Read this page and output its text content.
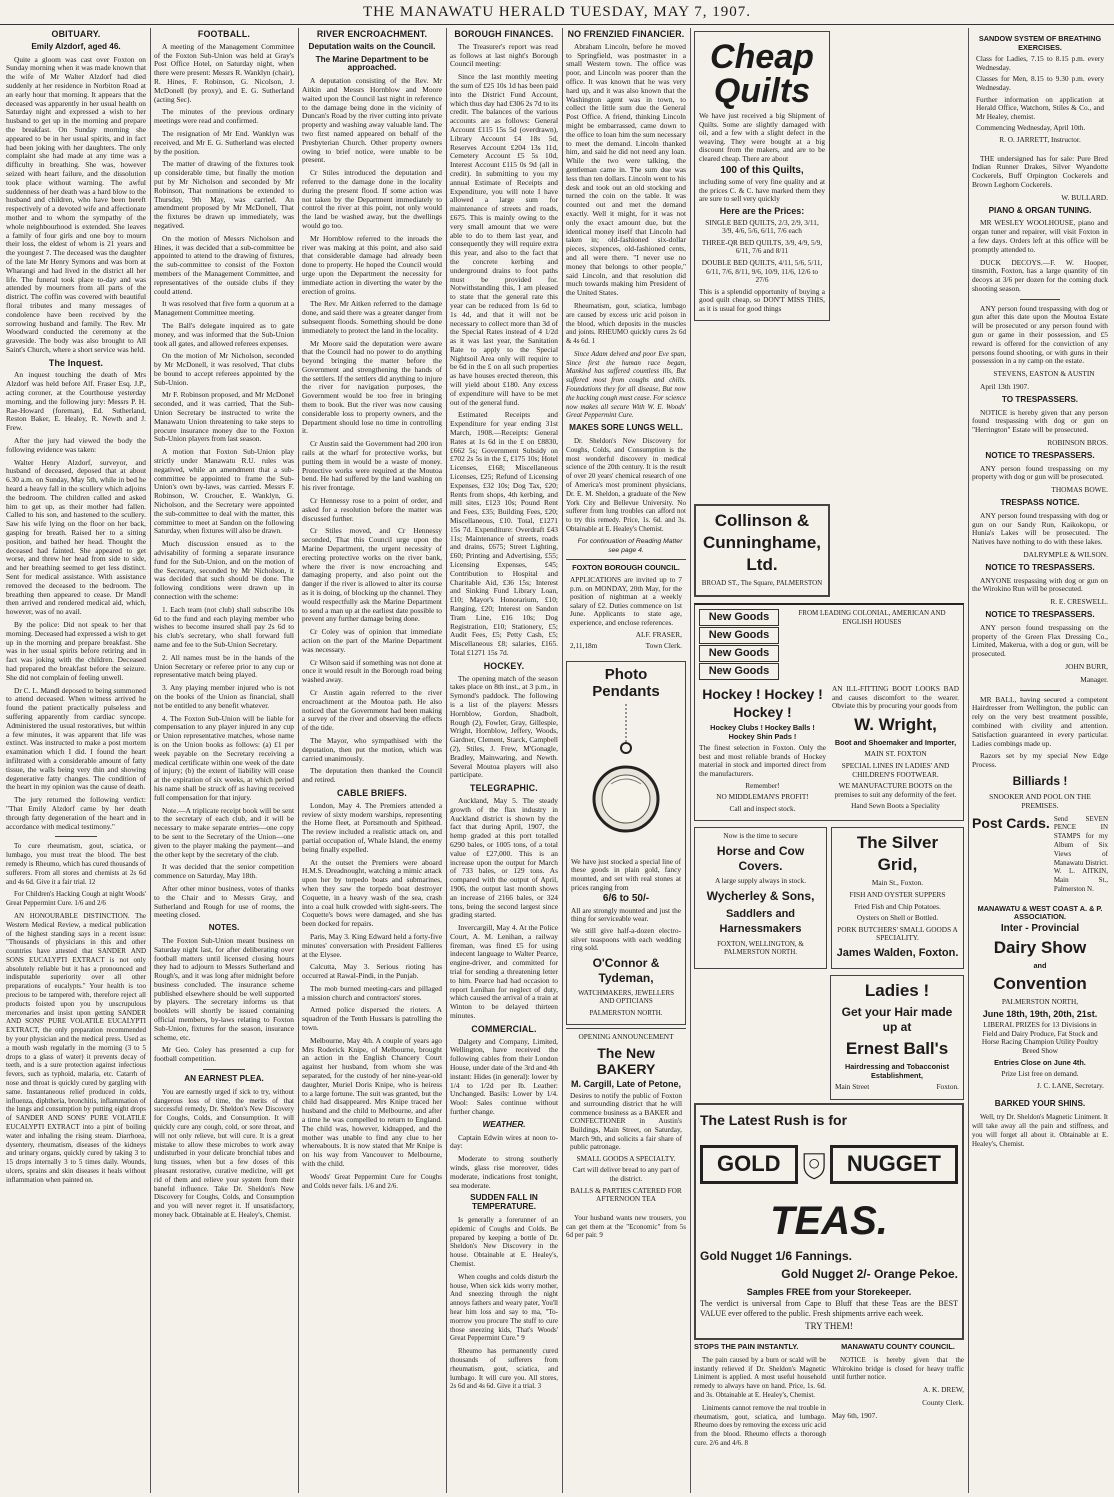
THE MANAWATU HERALD TUESDAY, MAY 7, 1907.
OBITUARY.
Emily Alzdorf, aged 46.

Quite a gloom was cast over Foxton on Sunday morning when it was made known that the wife of Mr Walter Alzdorf had died suddenly at her residence in Norbiton Road at an early hour that morning. It appears that the deceased was apparently in her usual health on Saturday night and expressed a wish to her husband to get up in the morning and prepare the breakfast. On Sunday morning she appeared to be in her usual spirits, and in fact had been joking with her daughters. The only complaint she had made at any time was a difficulty in breathing. She was, however seized with heart failure, and the dissolution took place without warning. The awful suddenness of her death was a hard blow to the husband and children, who have been bereft respectively of a devoted wife and affectionate mother and to whom the sympathy of the whole neighbourhood is extended. She leaves a family of four girls and one boy to mourn their loss, the eldest of whom is 21 years and the youngest 7. The deceased was the daughter of the late Mr Henry Symons and was born at Wharangi and had lived in the district all her life. The funeral took place to-day and was attended by mourners from all parts of the district. The coffin was covered with beautiful floral tributes and many messages of condolence have been received by the sorrowing husband and family. The Rev. Mr Woodward conducted the ceremony at the graveside. The body was also brought to All Saint's Church, where a short service was held.

The Inquest.

An inquest touching the death of Mrs Alzdorf was held before Alf. Fraser Esq. J.P., acting coroner, at the Courthouse yesterday morning, and the following jury: Messrs P. H. Rae-Howard (foreman), Ed. Sutherland, Reston Baker, E. Healey, R. Newth and J. Frew.

After the jury had viewed the body the following evidence was taken:

Walter Henry Alzdorf, surveyor, and husband of deceased, deposed that at about 6.30 a.m. on Sunday, May 5th, while in bed he heard a heavy fall in the scullery which adjoins the bedroom. The children called and asked him to get up, as their mother had fallen. Called to his son, and hastened to the scullery. Saw his wife lying on the floor on her back, gasping for breath. Raised her to a sitting position, and bathed her head. Thought the deceased had fainted. She appeared to get worse, and threw her head from side to side, and her breathing seemed to get less distinct. Sent for medical assistance. With assistance removed the deceased to the bedroom. The breathing then appeared to cease. Dr Mandl then arrived and rendered medical aid, which, however, was of no avail.

By the police: Did not speak to her that morning. Deceased had expressed a wish to get up in the morning and prepare breakfast. She was in her usual spirits before retiring and in fact was joking with the children. Deceased had prepared the breakfast before the seizure. She did not complain of feeling unwell.

Dr C. L. Mandl deposed to being summoned to attend deceased. When witness arrived he found the patient practically pulseless and suffering apparently from cardiac syncope. Administered the usual restoratives, but within a few minutes, it was apparent that life was extinct. Was instructed to make a post mortem examination which I did. I found the heart infiltrated with a considerable amount of fatty tissue, the walls being very thin and showing degenerative fatty changes. The condition of the heart in my opinion was the cause of death.

The jury returned the following verdict: "That Emily Alzdorf came by her death through fatty degeneration of the heart and in accordance with medical testimony."

To cure rheumatism, gout, sciatica, or lumbago, you must treat the blood. The best remedy is Rheumo, which has cured thousands of sufferers. From all stores and chemists at 2s 6d and 4s 6d. Give it a fair trial. 12

For Children's Hacking Cough at night Woods' Great Peppermint Cure. 1/6 and 2/6

AN HONOURABLE DISTINCTION. The Western Medical Review, a medical publication of the highest standing says in a recent issue: "Thousands of physicians in this and other countries have attested that SANDER AND SONS EUCALYPTI EXTRACT is not only absolutely reliable but it has a pronounced and indisputable superiority over all other preparations of eucalypts." Your health is too precious to be tampered with, therefore reject all products foisted upon you by unscrupulous mercenaries and insist upon getting SANDER AND SONS' PURE VOLATILE EUCALYPTI EXTRACT, the only preparation recommended by your physician and the medical press. Used as a mouth wash regularly in the morning (3 to 5 drops to a glass of water) it prevents decay of teeth, and is a sure protection against infectious fevers, such as typhoid, malaria, etc. Catarrh of nose and throat is quickly cured by gargling with same. Instantaneous relief produced in colds, influenza, diphtheria, bronchitis, inflammation of the lungs and consumption by putting eight drops of SANDER AND SONS' PURE VOLATILE EUCALYPTI EXTRACT into a pint of boiling water and inhaling the rising steam. Diarrhoea, dysentery, rheumatism, diseases of the kidneys and urinary organs, quickly cured by taking 3 to 15 drops internally 3 to 5 times daily. Wounds, ulcers, sprains and skin diseases it heals without inflammation when painted on.

FOOTBALL.

A meeting of the Management Committee of the Foxton Sub-Union was held at Gray's Post Office Hotel, on Saturday night, when there were present: Messrs R. Wanklyn (chair), R. Hines, F. Robinson, G. Nicolson, J. McDonell (by proxy), and E. G. Sutherland (acting Sec).

The minutes of the previous ordinary meetings were read and confirmed.

The resignation of Mr End. Wanklyn was received, and Mr E. G. Sutherland was elected by the position.

The matter of drawing of the fixtures took up considerable time, but finally the motion put by Mr Nicholson and seconded by Mr Robinson, That nominations be extended to Thursday, 9th May, was carried. An amendment proposed by Mr McDonell, That the fixtures be drawn up immediately, was negatived.

On the motion of Messrs Nicholson and Hines, it was decided that a sub-committee be appointed to attend to the drawing of fixtures, the sub-committee to consist of the Foxton members of the Management Committee, and representatives of the outside clubs if they could attend.

It was resolved that five form a quorum at a Management Committee meeting.

The Ball's delegate inquired as to gate money, and was informed that the Sub-Union took all gates, and allowed referees expenses.

On the motion of Mr Nicholson, seconded by Mr McDonell, it was resolved, That clubs be bound to accept referees appointed by the Sub-Union.

Mr F. Robinson proposed, and Mr McDonel seconded, and it was carried, That the Sub-Union Secretary be instructed to write the Manawatu Union threatening to take steps to procure insurance money due to the Foxton Sub-Union players from last season.

A motion that Foxton Sub-Union play strictly under Manawatu R.U. rules was negatived, while an amendment that a sub-committee be appointed to frame the Sub-Union's own by-laws, was carried. Messrs F. Robinson, W. Croucher, E. Wanklyn, G. Nicholson, and the Secretary were appointed the sub-committee to deal with the matter, this committee to meet at Sandon on the following Saturday, when fixtures will also be drawn.

Much discussion ensued as to the advisability of forming a separate insurance fund for the Sub-Union, and on the motion of the Secretary, seconded by Mr Nicholson, it was decided that such should be done. The following conditions were drawn up in connection with the scheme:

1. Each team (not club) shall subscribe 10s 6d to the fund and each playing member who wishes to become insured shall pay 2s 6d to his club's secretary, who shall forward full name and fee to the Sub-Union Secretary.

2. All names must be in the hands of the Union Secretary or referee prior to any cup or representative match being played.

3. Any playing member injured who is not on the books of the Union as financial, shall not be entitled to any benefit whatever.

4. The Foxton Sub-Union will be liable for compensation to any player injured in any cup or Union representative matches, whose name is on the Union books as follows: (a) £1 per week payable on the Secretary receiving a medical certificate within one week of the date of injury; (b) the extent of liability will cease at the expiration of six weeks, at which period his name shall be struck off as having received full compensation for that injury.

Note.—A triplicate receipt book will be sent to the secretary of each club, and it will be necessary to make separate entries—one copy to be sent to the Secretary of the Union—one given to the player making the payment—and the other kept by the secretary of the club.

It was decided that the senior competition commence on Saturday, May 18th.

After other minor business, votes of thanks to the Chair and to Messrs Gray, and Sutherland and Rough for use of rooms, the meeting closed.

NOTES.

The Foxton Sub-Union meant business on Saturday night last, for after deliberating over football matters until licensed closing hours they had to adjourn to Messrs Sutherland and Rough's, and it was long after midnight before business concluded. The insurance scheme published elsewhere should be well supported by players. The secretary informs us that booklets will shortly be issued containing official members, by-laws relating to Foxton Sub-Union, fixtures for the season, insurance scheme, etc.

Mr Geo. Coley has presented a cup for football competition.

AN EARNEST PLEA.

You are earnestly urged if sick to try, without dangerous loss of time, the merits of that successful remedy, Dr. Sheldon's New Discovery for Coughs, Colds, and Consumption. It will quickly cure any cough, cold, or sore throat, and will not only relieve, but will cure. It is a great mistake to allow these microbes to work away undisturbed in your delicate bronchial tubes and lung tissues, when but a few doses of this pleasant restorative, curative medicine, will get rid of them and relieve your system from their baneful influence. Take Dr. Sheldon's New Discovery for Coughs, Colds, and Consumption and you will never regret it. If unsatisfactory, money back. Obtainable at E. Healey's, Chemist.

RIVER ENCROACHMENT.
Deputation waits on the Council.
The Marine Department to be approached.

A deputation consisting of the Rev. Mr Aitkin and Messrs Hornblow and Moore waited upon the Council last night in reference to the damage being done in the vicinity of Duncan's Road by the river cutting into private property and washing away valuable land. The two first named appeared on behalf of the Presbyterian Church. Other property owners owing to brief notice, were unable to be present.

Cr Stiles introduced the deputation and referred to the damage done in the locality during the present flood. If some action was not taken by the Department immediately to control the river at this point, not only would the land be washed away, but the dwellings would go too.

Mr Hornblow referred to the inroads the river was making at this point, and also said that considerable damage had already been done to property. He hoped the Council would urge upon the Department the necessity for immediate action in diverting the water by the erection of groins.

The Rev. Mr Aitken referred to the damage done, and said there was a greater danger from subsequent floods. Something should be done immediately to protect the land in the locality.

Mr Moore said the deputation were aware that the Council had no power to do anything beyond bringing the matter before the Government and strengthening the hands of the settlers. If the settlers did anything to injure the river for navigation purposes, the Government would be too free in bringing them to book. But the river was now causing considerable loss to property owners, and the Department should lose no time in controlling it.

Cr Austin said the Government had 200 iron rails at the wharf for protective works, but putting them in would be a waste of money. Protective works were required at the Moutoa bend. He had suffered by the land washing on his river frontage.

Cr Hennessy rose to a point of order, and asked for a resolution before the matter was discussed further.

Cr Stiles moved, and Cr Hennessy seconded, That this Council urge upon the Marine Department, the urgent necessity of erecting protective works on the river bank, where the river is now encroaching and damaging property, and also point out the danger if the river is allowed to alter its course as it is doing, of blocking up the channel. They would respectfully ask the Marine Department to send a man up at the earliest date possible to prevent any further damage being done.

Cr Coley was of opinion that immediate action on the part of the Marine Department was necessary.

Cr Wilson said if something was not done at once it would result in the Borough road being washed away.

Cr Austin again referred to the river encroachment at the Moutoa path. He also noticed that the Government had been making a survey of the river and observing the effects of the tide.

The Mayor, who sympathised with the deputation, then put the motion, which was carried unanimously.

The deputation then thanked the Council and retired.

CABLE BRIEFS.

London, May 4. The Premiers attended a review of sixty modern warships, representing the Home fleet, at Portsmouth and Spithead. The review included a realistic attack on, and partial occupation of, Whale Island, the enemy being finally expelled.

At the outset the Premiers were aboard H.M.S. Dreadnought, watching a mimic attack upon her by torpedo boats and submarines, when they saw the torpedo boat destroyer Coquette, in a heavy wash of the sea, crash into a coal hulk crowded with sight-seers. The Coquette's bows were damaged, and she has been docked for repairs.

Paris, May 3. King Edward held a forty-five minutes' conversation with President Fallieres at the Elysee.

Calcutta, May 3. Serious rioting has occurred at Rawal-Pindi, in the Punjab.

The mob burned meeting-cars and pillaged a mission church and contractors' stores.

Armed police dispersed the rioters. A squadron of the Tenth Hussars is patrolling the town.

Melbourne, May 4th. A couple of years ago Mrs Roderick Knipe, of Melbourne, brought an action in the English Chancery Court against her husband, from whom she was separated, for the custody of her nine-year-old daughter, Muriel Doris Knipe, who is heiress to a large fortune. The suit was granted, but the child had disappeared. Mrs Knipe traced her husband and the child to Melbourne, and after a time he was compelled to return to England. The child was, however, kidnapped, and the mother was unable to find any clue to her whereabouts. It is now stated that Mr Knipe is on his way from Vancouver to Melbourne, with the child.

Woods' Great Peppermint Cure for Coughs and Colds never fails. 1/6 and 2/6.

BOROUGH FINANCES.

The Treasurer's report was read as follows at last night's Borough Council meeting:

Since the last monthly meeting the sum of £25 10s 1d has been paid into the District Fund Account, which thus day had £306 2s 7d to its credit. The balances of the various accounts are as follows: General Account £115 15s 5d (overdrawn), Library Account £4 18s 5d, Reserves Account £204 13s 11d, Cemetery Account £5 5s 10d, Interest Account £115 0s 9d (all in credit). In submitting to you my annual Estimate of Receipts and Expenditure, you will note I have allowed a large sum for maintenance of streets and roads, £675. This is mainly owing to the very small amount that we were able to do to them last year, and consequently they will require extra this year, and also to the fact that the concrete kerbing and underground drains to foot paths must be provided for. Notwithstanding this, I am pleased to state that the general rate this year can be reduced from 1s 6d to 1s 4d, and that it will not be necessary to collect more than 3d of the Special Rates instead of 4 1/2d as it was last year, the Sanitation Rate to apply to the Special Nightsoil Area only will require to be 6d in the £ on all such properties as have houses erected thereon, this will yield about £180. Any excess of expenditure will have to be met out of the general fund.

Estimated Receipts and Expenditure for year ending 31st March, 1908.—Receipts: General Rates at 1s 6d in the £ on £8830, £662 5s; Government Subsidy on £702 2s 5s in the £, £175 10s; Hotel Licenses, £168; Miscellaneous Licenses, £25; Refund of Licensing Expenses, £32 10s; Dog Tax, £20; Rents from shops, 4th kerbing, and mill sites, £123 10s; Pound Rent and Fees, £35; Building Fees, £20; Miscellaneous, £10. Total, £1271 15s 7d. Expenditure: Overdraft £43 11s; Maintenance of streets, roads and drains, £675; Street Lighting, £60; Printing and Advertising, £55; Licensing Expenses, £45; Contribution to Hospital and Charitable Aid, £36 15s; Interest and Sinking Fund Library Loan, £10; Mayor's Honorarium, £10; Ranging, £20; Interest on Sandon Tram Line, £16 10s; Dog Registration, £10; Stationery, £5; Audit Fees, £5; Petty Cash, £5; Miscellaneous £8; salaries, £165. Total £1271 15s 7d.

HOCKEY.

The opening match of the season takes place on 8th inst., at 3 p.m., in Symond's paddock. The following is a list of the players: Messrs Hornblow, Gordon, Shadbolt, Rough (2), Fowler, Gray, Gillespie, Wright, Hornblow, Jeffery, Woods, Gardner, Clement, Starck, Campbell (2), Stiles, J. Frew, M'Gonagle, Bradley, Mainwaring, and Newth. Several Moutoa players will also participate.

TELEGRAPHIC.

Auckland, May 5. The steady growth of the flax industry in Auckland district is shown by the fact that during April, 1907, the hemp graded at this port totalled 6290 bales, or 1005 tons, of a total value of £27,000. This is an increase upon the output for March of 733 bales, or 129 tons. As compared with the output of April, 1906, the output last month shows an increase of 2166 bales, or 324 tons, being the second largest since grading started.

Invercargill, May 4. At the Police Court, A. M. Lenihan, a railway fireman, was fined £5 for using indecent language to Walter Pearce, engine-driver, and committed for trial for sending a threatening letter to him. Pearce had had occasion to report Lenihan for neglect of duty, which caused the arrival of a train at Winton to be delayed thirteen minutes.

COMMERCIAL.

Dalgety and Company, Limited, Wellington, have received the following cables from their London House, under date of the 3rd and 4th instant: Hides (in general): lower by 1/4 to 1/2d per lb. Leather: Unchanged. Basils: Lower by 1/4. Wool: Sales continue without further change.

WEATHER.

Captain Edwin wires at noon to-day:

Moderate to strong southerly winds, glass rise moreover, tides moderate, indications frost tonight, sea moderate.

SUDDEN FALL IN TEMPERATURE.

Is generally a forerunner of an epidemic of Coughs and Colds. Be prepared by keeping a bottle of Dr. Sheldon's New Discovery in the house. Obtainable at E. Healey's, Chemist.

When coughs and colds disturb the house, When sick kids worry mother, And sneezing through the night annoys fathers and weary pater, You'll hear him loss and say to ma, "To-morrow you procure The stuff to cure those sneezing kids, That's Woods' Great Peppermint Cure." 9

Rheumo has permanently cured thousands of sufferers from rheumatism, gout, sciatica, and lumbago. It will cure you. All stores, 2s 6d and 4s 6d. Give it a trial. 3

NO FRENZIED FINANCIER.

Abraham Lincoln, before he moved to Springfield, was postmaster in a small Western town. The office was poor, and Lincoln was poorer than the office. It was known that he was very hard up, and it was also known that the Washington agent was in town, to collect the little sum due the General Post Office. A friend, thinking Lincoln might be embarrassed, came down to the office to loan him the sum necessary to meet the demand. Lincoln thanked him, and said he did not need any loan. While the two were talking, the gentleman came in. The sum due was less than ten dollars. Lincoln went to his desk and took out an old stocking and turned the coin on the table. It was counted out and met the demand exactly. Well it might, for it was not only the exact amount due, but the identical money itself that Lincoln had taken in; old-fashioned six-dollar pieces, sixpences, old-fashioned cents, and all were there. "I never use no money that belongs to other people," said Lincoln, and that resolution did much towards making him President of the United States.

Rheumatism, gout, sciatica, lumbago are caused by excess uric acid poison in the blood, which deposits in the muscles and joints. RHEUMO quickly cures 2s 6d & 4s 6d. 1

Since Adam delved and poor Eve span, Since first the human race began, Mankind has suffered countless ills, But suffered most from coughs and chills. Foundations they for all disease, But now the hacking cough must cease. For science now makes all secure With W. E. Woods' Great Peppermint Cure.

MAKES SORE LUNGS WELL.

Dr. Sheldon's New Discovery for Coughs, Colds, and Consumption is the most wonderful discovery in medical science of the 20th century. It is the result of over 20 years' chemical research of one of America's most prominent physicians, Dr. E. M. Sheldon, a graduate of the New York City and Bellevue University. No sufferer from lung troubles can afford not to try this remedy. Price, 1s. 6d. and 3s. Obtainable at E. Healey's Chemist.

For continuation of Reading Matter see page 4.

FOXTON BOROUGH COUNCIL.

APPLICATIONS are invited up to 7 p.m. on MONDAY, 20th May, for the position of nightman at a weekly salary of £2. Duties commence on 1st June. Applicants to state age, experience, and enclose references.

ALF. FRASER,

2,11,18m	Town Clerk.

Photo Pendants

We have just stocked a special line of these goods in plain gold, fancy mounted, and set with real stones at prices ranging from

6/6 to 50/-

All are strongly mounted and just the thing for serviceable wear.

We still give half-a-dozen electro-silver teaspoons with each wedding ring sold.

O'Connor & Tydeman,

WATCHMAKERS, JEWELLERS AND OPTICIANS

PALMERSTON NORTH.

OPENING ANNOUNCEMENT

The New BAKERY

M. Cargill, Late of Petone,

Desires to notify the public of Foxton and surrounding district that he will commence business as a BAKER and CONFECTIONER in Austin's Buildings, Main Street, on Saturday, March 9th, and solicits a fair share of public patronage.

SMALL GOODS A SPECIALTY.

Cart will deliver bread to any part of the district.

BALLS & PARTIES CATERED FOR AFTERNOON TEA

Your husband wants new trousers, you can get them at the "Economic" from 5s 6d per pair. 9

Cheap Quilts

We have just received a big Shipment of Quilts. Some are slightly damaged with oil, and a few with a slight defect in the weaving. They were bought at a big discount from the makers, and are to be cleared cheap. There are about

100 of this Quilts,

including some of very fine quality and at the prices C. & C. have marked them they are sure to sell very quickly

Here are the Prices:

SINGLE BED QUILTS, 2/3, 2/9, 3/11, 3/9, 4/6, 5/6, 6/11, 7/6 each

THREE-QR BED QUILTS, 3/9, 4/9, 5/9, 6/11, 7/6 and 8/11

DOUBLE BED QUILTS, 4/11, 5/6, 5/11, 6/11, 7/6, 8/11, 9/6, 10/9, 11/6, 12/6 to 27/6

This is a splendid opportunity of buying a good quilt cheap, so DON'T MISS THIS, as it is usual for good things

Collinson & Cunninghame, Ltd.

BROAD ST., The Square, PALMERSTON

New Goods
New Goods
New Goods
New Goods

FROM LEADING COLONIAL, AMERICAN AND ENGLISH HOUSES

Hockey ! Hockey ! Hockey !

Hockey Clubs ! Hockey Balls ! Hockey Shin Pads !

The finest selection in Foxton. Only the best and most reliable brands of Hockey material in stock and imported direct from the manufacturers.

Remember!

NO MIDDLEMAN'S PROFIT!

Call and inspect stock.

AN ILL-FITTING BOOT LOOKS BAD and causes discomfort to the wearer. Obviate this by procuring your goods from

W. Wright,

Boot and Shoemaker and Importer,

MAIN ST. FOXTON

SPECIAL LINES IN LADIES' AND CHILDREN'S FOOTWEAR.

WE MANUFACTURE BOOTS on the premises to suit any deformity of the feet.

Hand Sewn Boots a Speciality

Now is the time to secure

Horse and Cow Covers.

A large supply always in stock.

Wycherley & Sons,

Saddlers and Harnessmakers

FOXTON, WELLINGTON, & PALMERSTON NORTH.

The Silver Grid,

Main St., Foxton.

FISH AND OYSTER SUPPERS

Fried Fish and Chip Potatoes.

Oysters on Shell or Bottled.

PORK BUTCHERS' SMALL GOODS A SPECIALITY.

James Walden, Foxton.

Ladies !

Get your Hair made up at

Ernest Ball's

Hairdressing and Tobacconist Establishment,

Main Street	Foxton.

The Latest Rush is for

GOLD	NUGGET
TEAS.

Gold Nugget 1/6 Fannings.

Gold Nugget 2/- Orange Pekoe.

Samples FREE from your Storekeeper.

The verdict is universal from Cape to Bluff that these Teas are the BEST VALUE ever offered to the public. Fresh shipments arrive each week.

TRY THEM!

STOPS THE PAIN INSTANTLY.

The pain caused by a burn or scald will be instantly relieved if Dr. Sheldon's Magnetic Liniment is applied. A most useful household remedy to always have on hand. Price, 1s. 6d. and 3s. Obtainable at E. Healey's, Chemist.

Liniments cannot remove the real trouble in rheumatism, gout, sciatica, and lumbago. Rheumo does by removing the excess uric acid from the blood. Rheumo effects a thorough cure. 2/6 and 4/6. 8

MANAWATU COUNTY COUNCIL.

NOTICE is hereby given that the Whirokino bridge is closed for heavy traffic until further notice.

A. K. DREW,

County Clerk.

May 6th, 1907.

SANDOW SYSTEM OF BREATHING EXERCISES.

Class for Ladies, 7.15 to 8.15 p.m. every Wednesday.

Classes for Men, 8.15 to 9.30 p.m. every Wednesday.

Further information on application at Herald Office, Watchorn, Stiles & Co., and Mr Healey, chemist.

Commencing Wednesday, April 10th.

R. O. JARRETT, Instructor.

THE undersigned has for sale: Pure Bred Indian Runner Drakes, Silver Wyandotte Cockerels, Buff Orpington Cockerels and Brown Leghorn Cockerels.

W. BULLARD.

PIANO & ORGAN TUNING.

MR WESLEY WOOLHOUSE, piano and organ tuner and repairer, will visit Foxton in a few days. Orders left at this office will be promptly attended to.

DUCK DECOYS.—F. W. Hooper, tinsmith, Foxton, has a large quantity of tin decoys at 3/6 per dozen for the coming duck shooting season.

ANY person found trespassing with dog or gun after this date upon the Moutoa Estate will be prosecuted or any person found with gun or game in their possession, and £5 reward is offered for the conviction of any persons found shooting, or with guns in their possession in a ny camp on the estate.

STEVENS, EASTON & AUSTIN

April 13th 1907.

TO TRESPASSERS.

NOTICE is hereby given that any person found trespassing with dog or gun on "Herrington" Estate will be prosecuted.

ROBINSON BROS.

NOTICE TO TRESPASSERS.

ANY person found trespassing on my property with dog or gun will be prosecuted.

THOMAS BOWE.

TRESPASS NOTICE.

ANY person found trespassing with dog or gun on our Sandy Run, Kaikokopu, or Hunia's Lakes will be prosecuted. The Natives have nothing to do with these lakes.

DALRYMPLE & WILSON.

NOTICE TO TRESPASSERS.

ANYONE trespassing with dog or gun on the Wirokino Run will be prosecuted.

R. E. CRESWELL.

NOTICE TO TRESPASSERS.

ANY person found trespassing on the property of the Green Flax Dressing Co., Limited, Makerua, with a dog or gun, will be prosecuted.

JOHN BURR,

Manager.

MR BALL, having secured a competent Hairdresser from Wellington, the public can rely on the very best treatment possible, combined with civility and attention. Satisfaction guaranteed in every particular. Ladies combings made up.

Razors set by my special New Edge Process.

Billiards !

SNOOKER AND POOL ON THE PREMISES.

Post Cards. Send SEVEN PENCE IN STAMPS for my Album of Six Views of Manawatu District. W. L. AITKIN, Main St., Palmerston N.

MANAWATU & WEST COAST A. & P. ASSOCIATION.

Inter - Provincial

Dairy Show

and

Convention

PALMERSTON NORTH,

June 18th, 19th, 20th, 21st.

LIBERAL PRIZES for 13 Divisions in Field and Dairy Produce, Fat Stock and Horse Racing Champion Utility Poultry Breed Show

Entries Close on June 4th.

Prize List free on demand.

J. C. LANE, Secretary.

BARKED YOUR SHINS.

Well, try Dr. Sheldon's Magnetic Liniment. It will take away all the pain and stiffness, and you will forget all about it. Obtainable at E. Healey's, Chemist.
